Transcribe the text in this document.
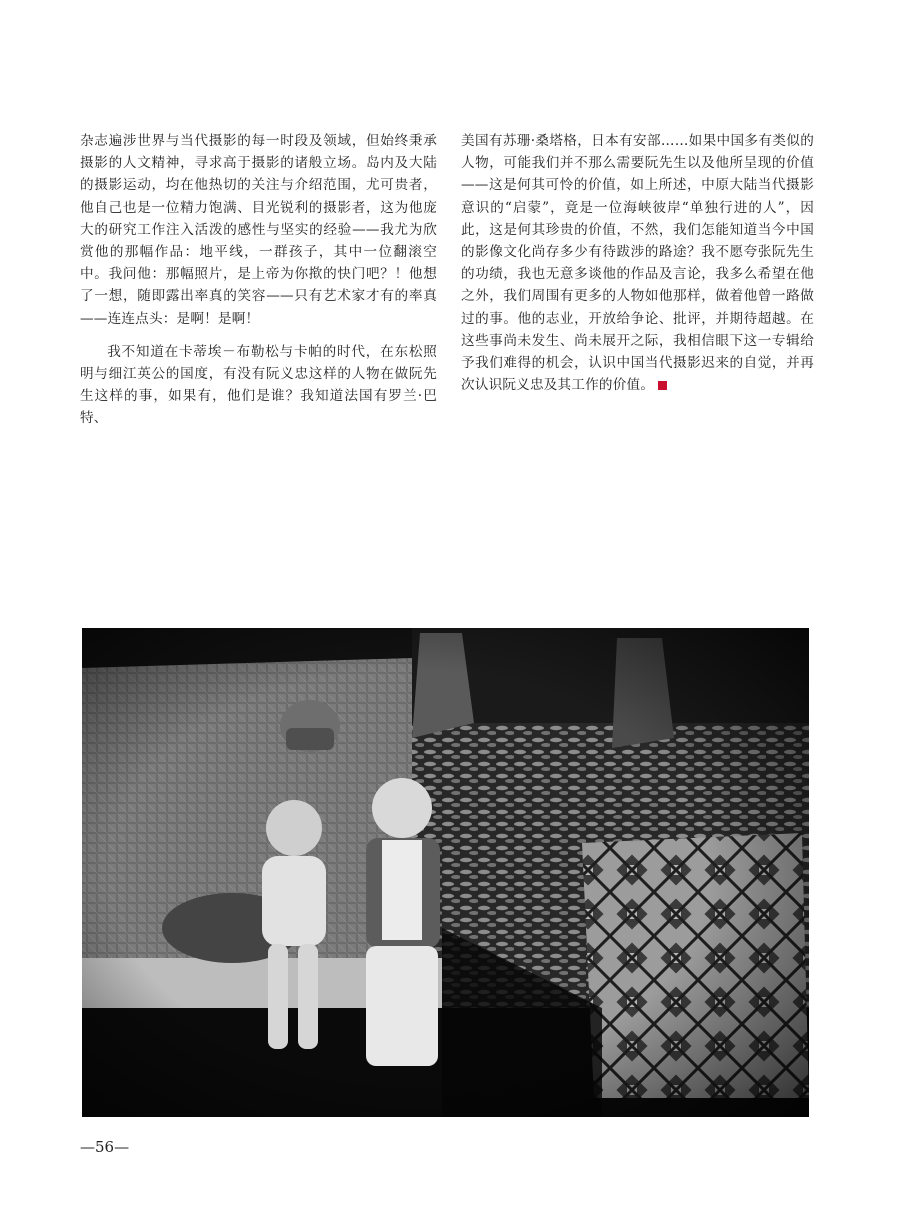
杂志遍涉世界与当代摄影的每一时段及领域，但始终秉承摄影的人文精神，寻求高于摄影的诸般立场。岛内及大陆的摄影运动，均在他热切的关注与介绍范围，尤可贵者，他自己也是一位精力饱满、目光锐利的摄影者，这为他庞大的研究工作注入活泼的感性与坚实的经验——我尤为欣赏他的那幅作品：地平线，一群孩子，其中一位翻滚空中。我问他：那幅照片，是上帝为你揿的快门吧？！他想了一想，随即露出率真的笑容——只有艺术家才有的率真——连连点头：是啊！是啊！

我不知道在卡蒂埃－布勒松与卡帕的时代，在东松照明与细江英公的国度，有没有阮义忠这样的人物在做阮先生这样的事，如果有，他们是谁？我知道法国有罗兰·巴特、

美国有苏珊·桑塔格，日本有安部……如果中国多有类似的人物，可能我们并不那么需要阮先生以及他所呈现的价值——这是何其可怜的价值，如上所述，中原大陆当代摄影意识的“启蒙”，竟是一位海峡彼岸“单独行进的人”，因此，这是何其珍贵的价值，不然，我们怎能知道当今中国的影像文化尚存多少有待跋涉的路途？我不愿夸张阮先生的功绩，我也无意多谈他的作品及言论，我多么希望在他之外，我们周围有更多的人物如他那样，做着他曾一路做过的事。他的志业，开放给争论、批评，并期待超越。在这些事尚未发生、尚未展开之际，我相信眼下这一专辑给予我们难得的机会，认识中国当代摄影迟来的自觉，并再次认识阮义忠及其工作的价值。

—56—
